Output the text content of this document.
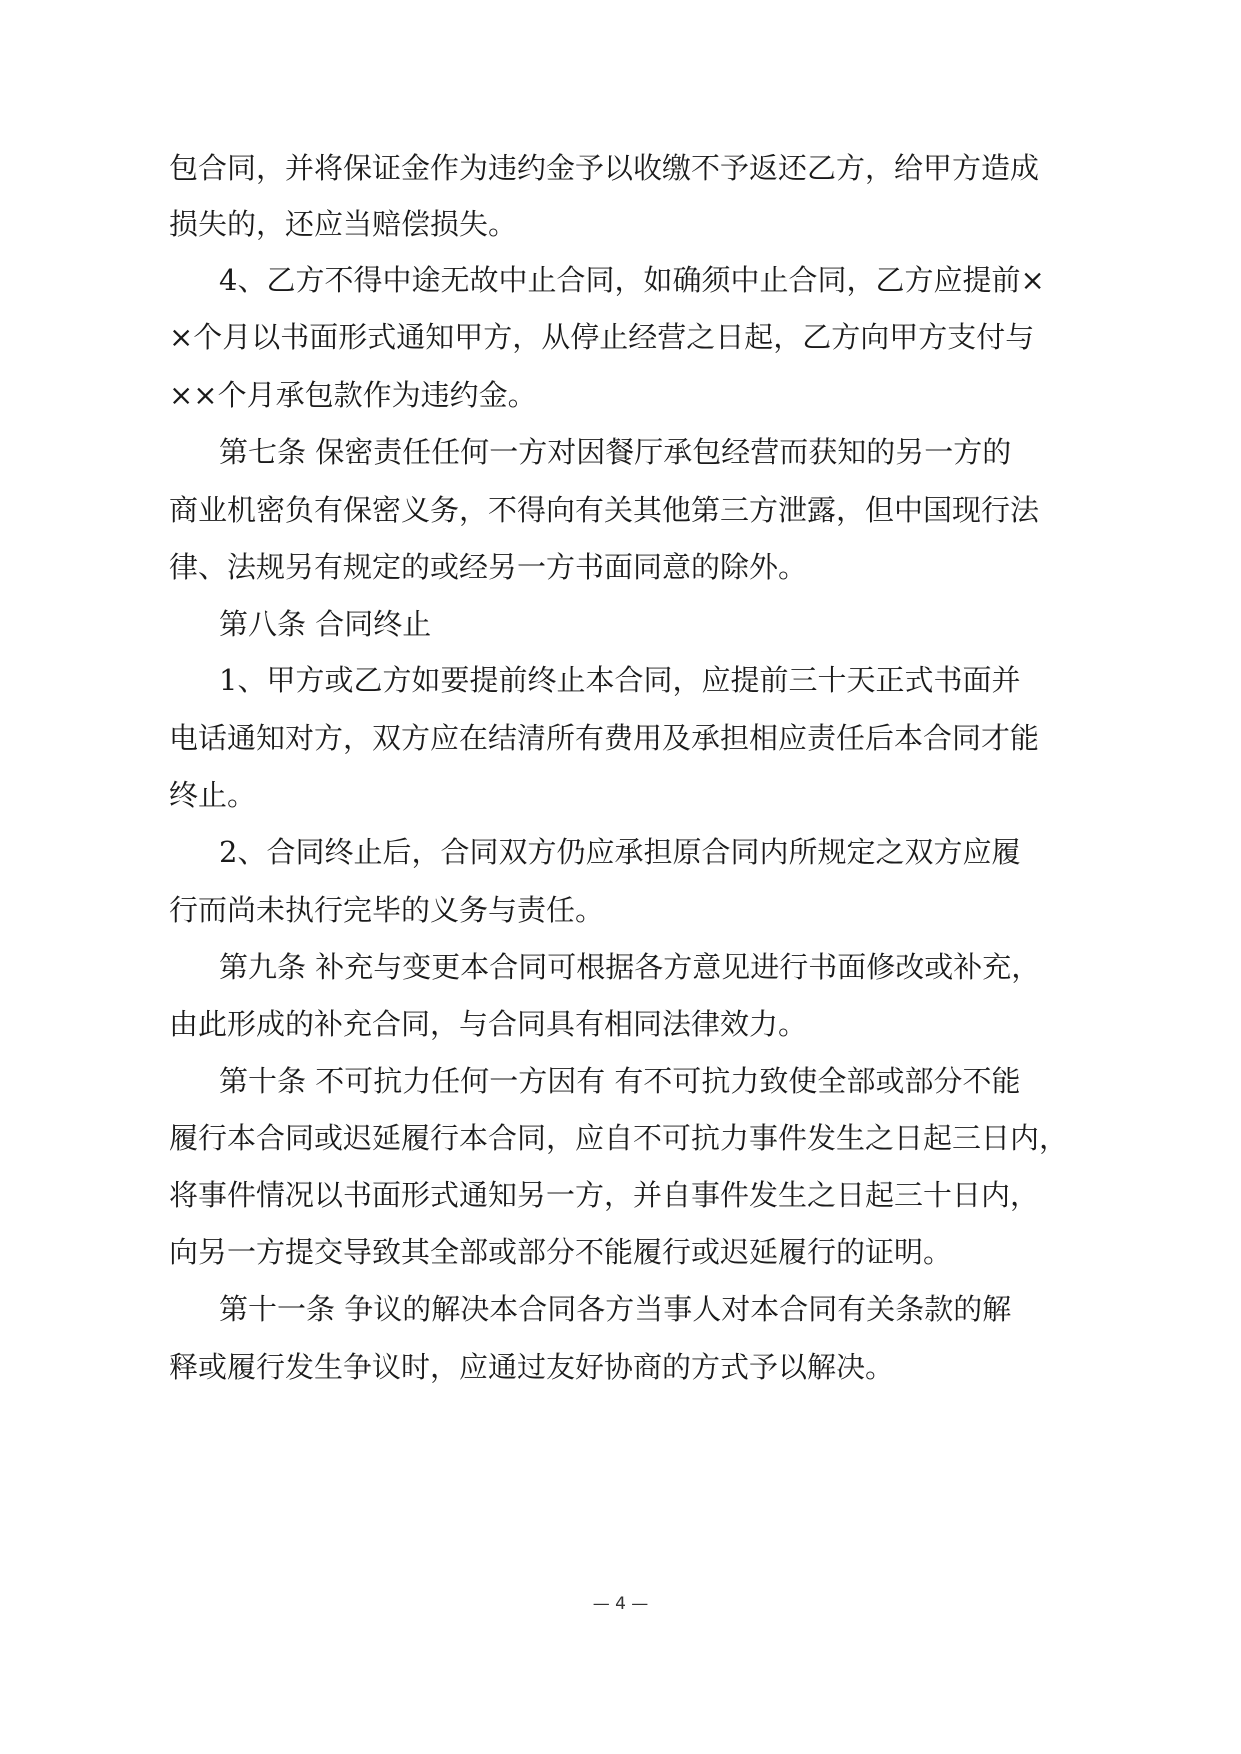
包合同，并将保证金作为违约金予以收缴不予返还乙方，给甲方造成
损失的，还应当赔偿损失。
4、乙方不得中途无故中止合同，如确须中止合同，乙方应提前×
×个月以书面形式通知甲方，从停止经营之日起，乙方向甲方支付与
××个月承包款作为违约金。
第七条 保密责任任何一方对因餐厅承包经营而获知的另一方的
商业机密负有保密义务，不得向有关其他第三方泄露，但中国现行法
律、法规另有规定的或经另一方书面同意的除外。
第八条 合同终止
1、甲方或乙方如要提前终止本合同，应提前三十天正式书面并
电话通知对方，双方应在结清所有费用及承担相应责任后本合同才能
终止。
2、合同终止后，合同双方仍应承担原合同内所规定之双方应履
行而尚未执行完毕的义务与责任。
第九条 补充与变更本合同可根据各方意见进行书面修改或补充，
由此形成的补充合同，与合同具有相同法律效力。
第十条 不可抗力任何一方因有 有不可抗力致使全部或部分不能
履行本合同或迟延履行本合同，应自不可抗力事件发生之日起三日内，
将事件情况以书面形式通知另一方，并自事件发生之日起三十日内，
向另一方提交导致其全部或部分不能履行或迟延履行的证明。
第十一条 争议的解决本合同各方当事人对本合同有关条款的解
释或履行发生争议时，应通过友好协商的方式予以解决。
— 4 —
